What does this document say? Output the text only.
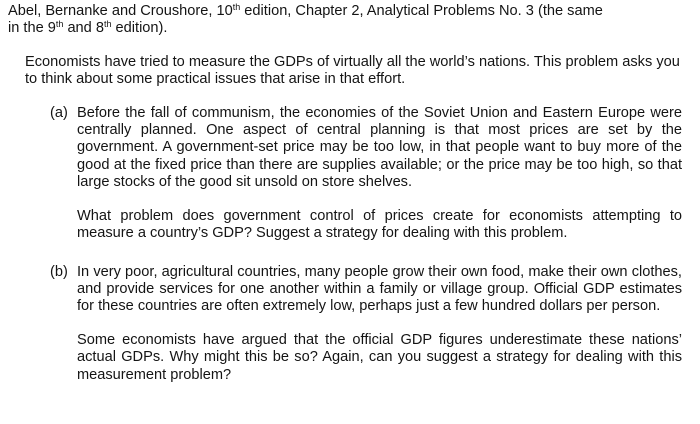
Abel, Bernanke and Croushore, 10th edition, Chapter 2, Analytical Problems No. 3 (the same
in the 9th and 8th edition).

Economists have tried to measure the GDPs of virtually all the world’s nations. This problem asks you to think about some practical issues that arise in that effort.

(a) Before the fall of communism, the economies of the Soviet Union and Eastern Europe were centrally planned. One aspect of central planning is that most prices are set by the government. A government-set price may be too low, in that people want to buy more of the good at the fixed price than there are supplies available; or the price may be too high, so that large stocks of the good sit unsold on store shelves.

What problem does government control of prices create for economists attempting to measure a country’s GDP? Suggest a strategy for dealing with this problem.

(b) In very poor, agricultural countries, many people grow their own food, make their own clothes, and provide services for one another within a family or village group. Official GDP estimates for these countries are often extremely low, perhaps just a few hundred dollars per person.

Some economists have argued that the official GDP figures underestimate these nations’ actual GDPs. Why might this be so? Again, can you suggest a strategy for dealing with this measurement problem?
